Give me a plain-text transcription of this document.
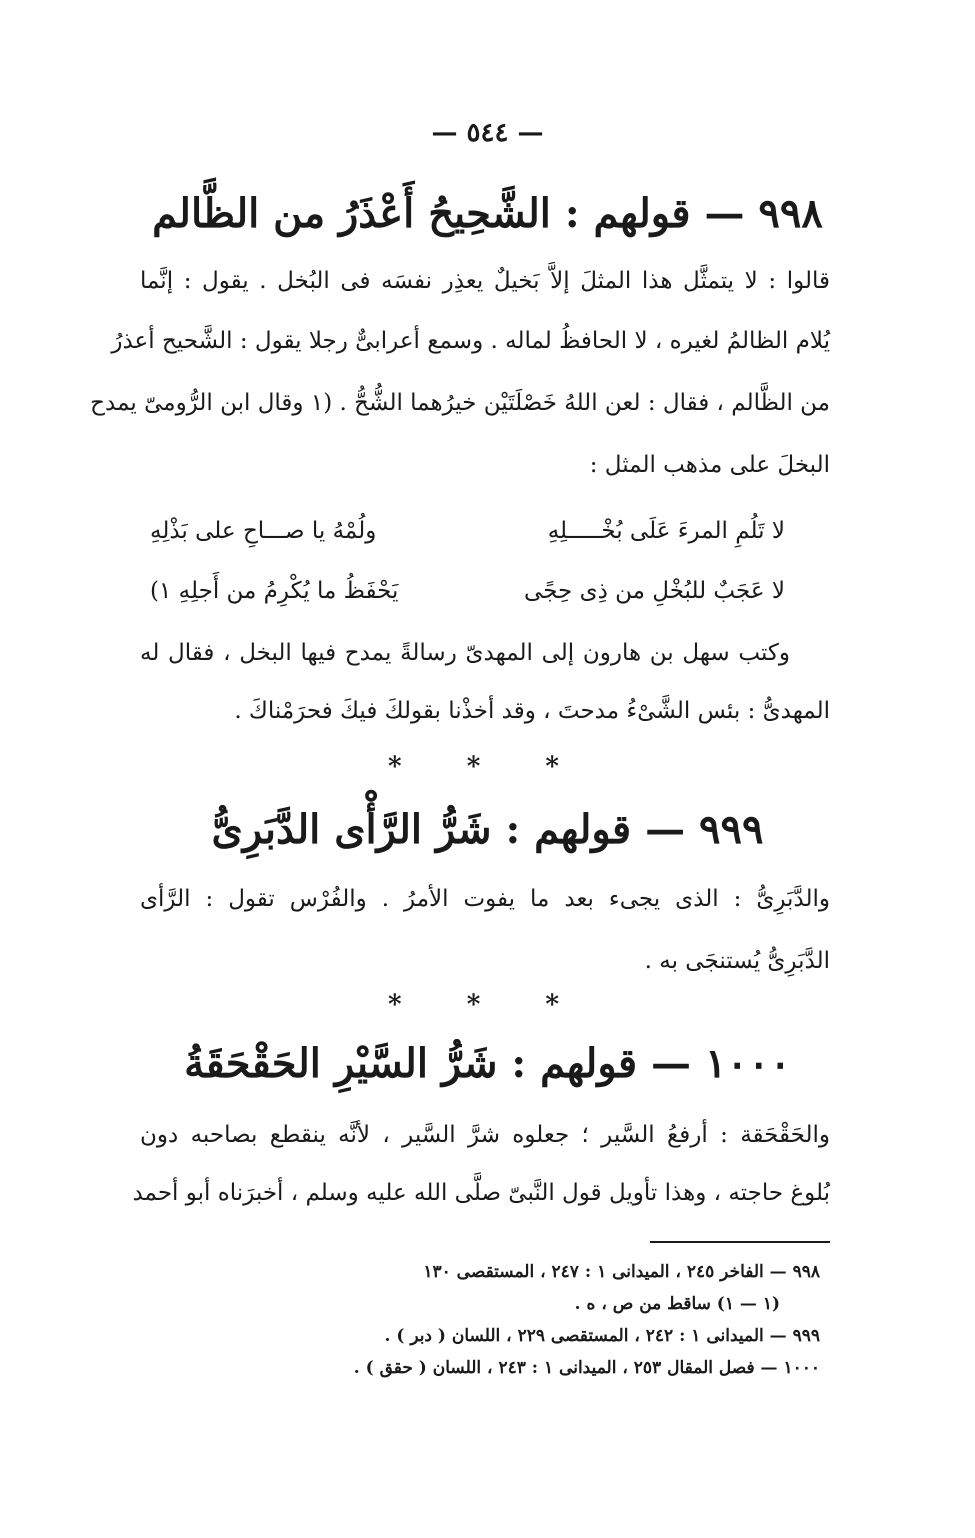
— ٥٤٤ —
٩٩٨ — قولهم : الشَّحِيحُ أَعْذَرُ من الظَّالم
قالوا : لا يتمثَّل هذا المثلَ إلاَّ بَخيلٌ يعذِر نفسَه فى البُخل . يقول : إنَّما
يُلام الظالمُ لغيره ، لا الحافظُ لماله . وسمع أعرابىٌّ رجلا يقول : الشَّحيح أعذرُ
من الظَّالم ، فقال : لعن اللهُ خَصْلَتَيْن خيرُهما الشُّحُّ . (١ وقال ابن الرُّومىّ يمدح
البخلَ على مذهب المثل :
لا تَلُمِ المرءَ عَلَى بُخْـــــلِهِ
ولُمْهُ يا صـــاحِ على بَذْلِهِ
لا عَجَبٌ للبُخْلِ من ذِى حِجًى
يَحْفَظُ ما يُكْرِمُ من أَجلِهِ ١)
وكتب سهل بن هارون إلى المهدىّ رسالةً يمدح فيها البخل ، فقال له
المهدىُّ : بئس الشَّىْءُ مدحتَ ، وقد أخذْنا بقولكَ فيكَ فحرَمْناكَ .
* * *
٩٩٩ — قولهم : شَرُّ الرَّأْى الدَّبَرِىُّ
والدَّبَرِىُّ : الذى يجىء بعد ما يفوت الأمرُ . والفُرْس تقول : الرَّأى
الدَّبَرِىُّ يُستنجَى به .
* * *
١٠٠٠ — قولهم : شَرُّ السَّيْرِ الحَقْحَقَةُ
والحَقْحَقة : أرفعُ السَّير ؛ جعلوه شرَّ السَّير ، لأنَّه ينقطع بصاحبه دون
بُلوغ حاجته ، وهذا تأويل قول النَّبىّ صلَّى الله عليه وسلم ، أخبرَناه أبو أحمد
٩٩٨ — الفاخر ٢٤٥ ، الميدانى ١ : ٢٤٧ ، المستقصى ١٣٠
(١ — ١) ساقط من ص ، ه .
٩٩٩ — الميدانى ١ : ٢٤٢ ، المستقصى ٢٢٩ ، اللسان ( دبر ) .
١٠٠٠ — فصل المقال ٢٥٣ ، الميدانى ١ : ٢٤٣ ، اللسان ( حقق ) .
